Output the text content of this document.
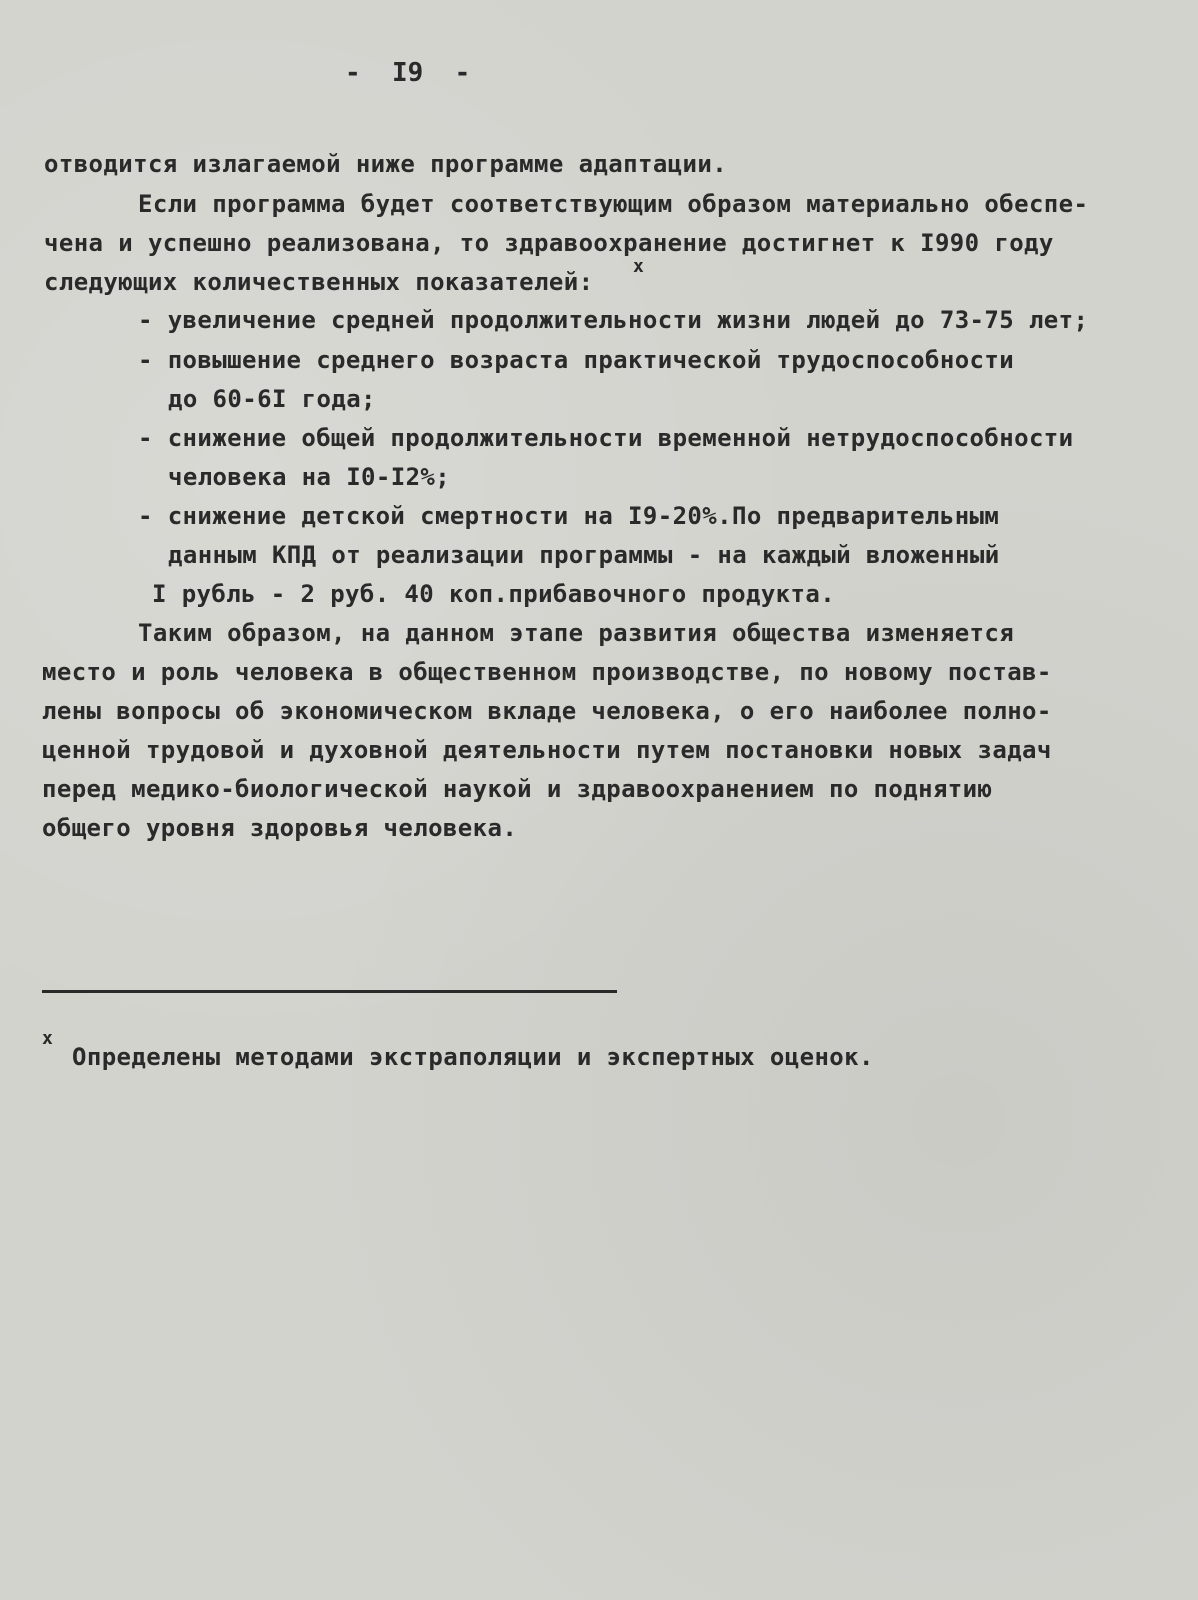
-  I9  -
отводится излагаемой ниже программе адаптации.
Если программа будет соответствующим образом материально обеспе-
чена и успешно реализована, то здравоохранение достигнет к I990 году
следующих количественных показателей:
x
- увеличение средней продолжительности жизни людей до 73-75 лет;
- повышение среднего возраста практической трудоспособности
до 60-6I года;
- снижение общей продолжительности временной нетрудоспособности
человека на I0-I2%;
- снижение детской смертности на I9-20%.По предварительным
данным КПД от реализации программы - на каждый вложенный
I рубль - 2 руб. 40 коп.прибавочного продукта.
Таким образом, на данном этапе развития общества изменяется
место и роль человека в общественном производстве, по новому постав-
лены вопросы об экономическом вкладе человека, о его наиболее полно-
ценной трудовой и духовной деятельности путем постановки новых задач
перед медико-биологической наукой и здравоохранением по поднятию
общего уровня здоровья человека.
x
Определены методами экстраполяции и экспертных оценок.
